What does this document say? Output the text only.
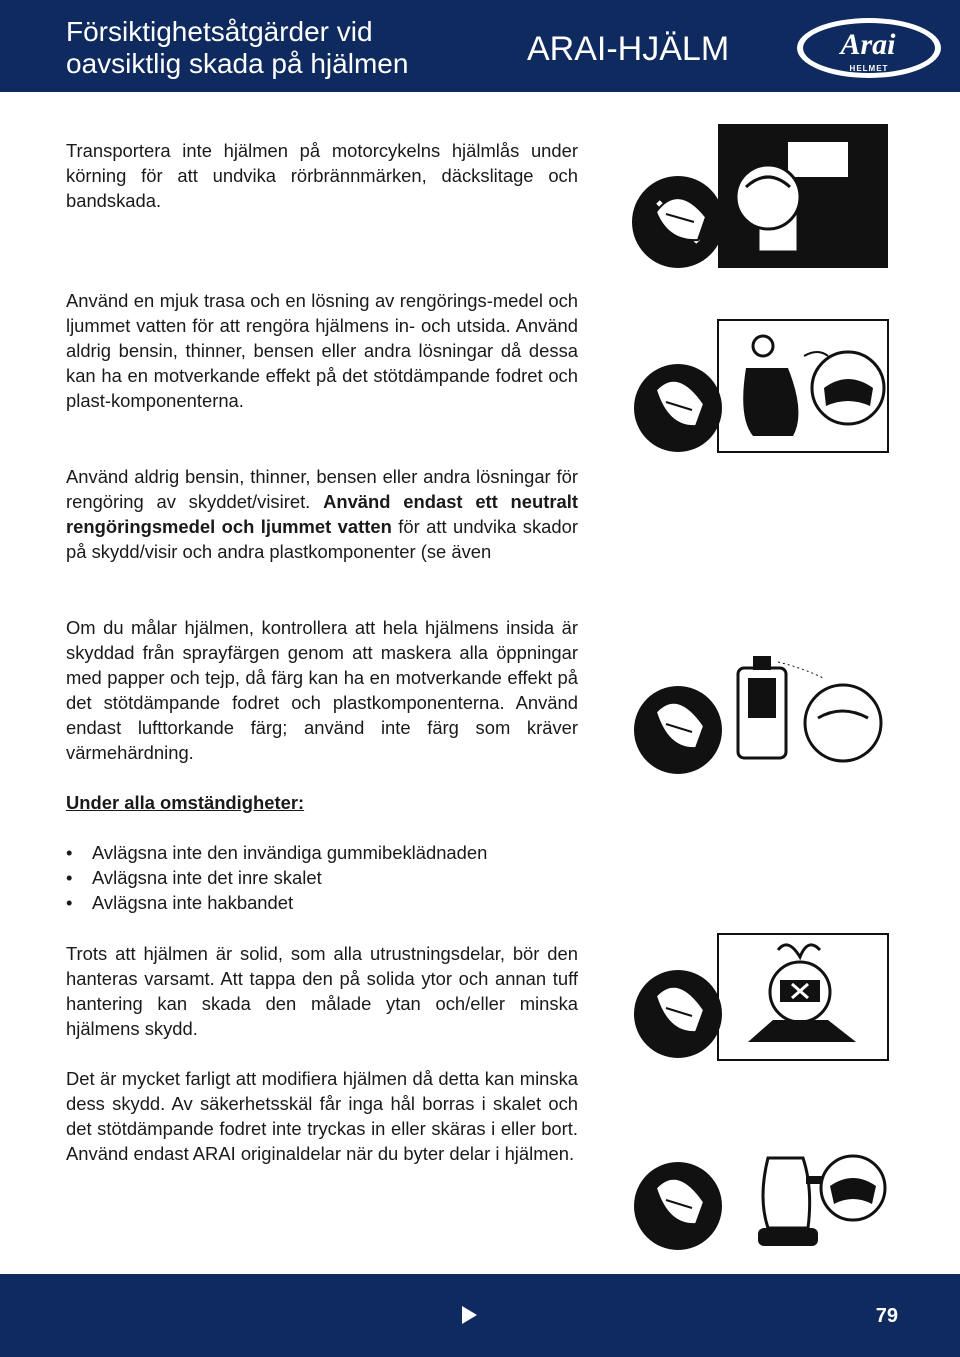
Försiktighetsåtgärder vid
oavsiktlig skada på hjälmen	ARAI-HJÄLM	Arai
HELMET

Transportera inte hjälmen på motorcykelns hjälmlås under körning för att undvika rörbrännmärken, däckslitage och bandskada.

Använd en mjuk trasa och en lösning av rengörings-medel och ljummet vatten för att rengöra hjälmens in- och utsida. Använd aldrig bensin, thinner, bensen eller andra lösningar då dessa kan ha en motverkande effekt på det stötdämpande fodret och plast-komponenterna.

Använd aldrig bensin, thinner, bensen eller andra lösningar för rengöring av skyddet/visiret. Använd endast ett neutralt rengöringsmedel och ljummet vatten för att undvika skador på skydd/visir och andra plastkomponenter (se även

Om du målar hjälmen, kontrollera att hela hjälmens insida är skyddad från sprayfärgen genom att maskera alla öppningar med papper och tejp, då färg kan ha en motverkande effekt på det stötdämpande fodret och plastkomponenterna. Använd endast lufttorkande färg; använd inte färg som kräver värmehärdning.

Under alla omständigheter:

• Avlägsna inte den invändiga gummibeklädnaden
• Avlägsna inte det inre skalet
• Avlägsna inte hakbandet

Trots att hjälmen är solid, som alla utrustningsdelar, bör den hanteras varsamt. Att tappa den på solida ytor och annan tuff hantering kan skada den målade ytan och/eller minska hjälmens skydd.

Det är mycket farligt att modifiera hjälmen då detta kan minska dess skydd. Av säkerhetsskäl får inga hål borras i skalet och det stötdämpande fodret inte tryckas in eller skäras i eller bort. Använd endast ARAI originaldelar när du byter delar i hjälmen.

79
